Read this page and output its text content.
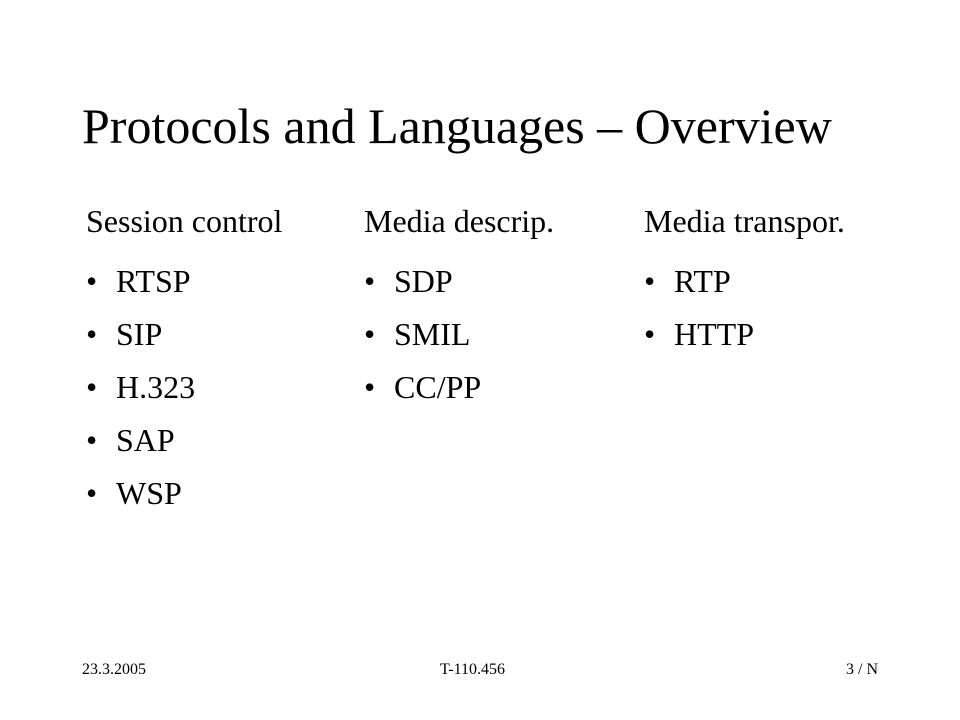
Protocols and Languages – Overview
Session control
• RTSP
• SIP
• H.323
• SAP
• WSP
Media descrip.
• SDP
• SMIL
• CC/PP
Media transpor.
• RTP
• HTTP
23.3.2005	T-110.456	3 / N
